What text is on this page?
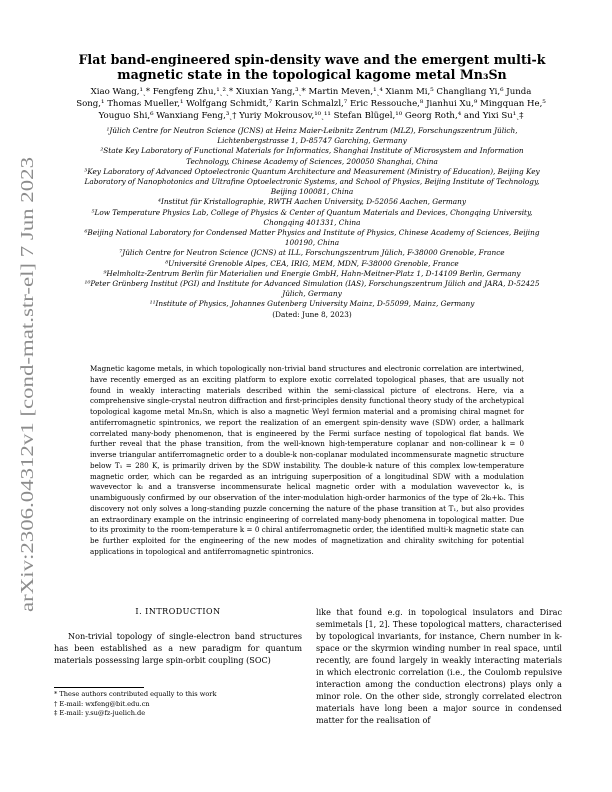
arXiv:2306.04312v1 [cond-mat.str-el] 7 Jun 2023
Flat band-engineered spin-density wave and the emergent multi-k magnetic state in the topological kagome metal Mn₃Sn
Xiao Wang,¹ˎ* Fengfeng Zhu,¹ˎ²ˎ* Xiuxian Yang,³ˎ* Martin Meven,¹ˎ⁴ Xianm Mi,⁵ Changliang Yi,⁶ Junda Song,¹ Thomas Mueller,¹ Wolfgang Schmidt,⁷ Karin Schmalzl,⁷ Eric Ressouche,⁸ Jianhui Xu,⁹ Mingquan He,⁵ Youguo Shi,⁶ Wanxiang Feng,³ˎ† Yuriy Mokrousov,¹⁰ˎ¹¹ Stefan Blügel,¹⁰ Georg Roth,⁴ and Yixi Su¹ˎ‡
¹Jülich Centre for Neutron Science (JCNS) at Heinz Maier-Leibnitz Zentrum (MLZ), Forschungszentrum Jülich, Lichtenbergstrasse 1, D-85747 Garching, Germany
²State Key Laboratory of Functional Materials for Informatics, Shanghai Institute of Microsystem and Information Technology, Chinese Academy of Sciences, 200050 Shanghai, China
³Key Laboratory of Advanced Optoelectronic Quantum Architecture and Measurement (Ministry of Education), Beijing Key Laboratory of Nanophotonics and Ultrafine Optoelectronic Systems, and School of Physics, Beijing Institute of Technology, Beijing 100081, China
⁴Institut für Kristallographie, RWTH Aachen University, D-52056 Aachen, Germany
⁵Low Temperature Physics Lab, College of Physics & Center of Quantum Materials and Devices, Chongqing University, Chongqing 401331, China
⁶Beijing National Laboratory for Condensed Matter Physics and Institute of Physics, Chinese Academy of Sciences, Beijing 100190, China
⁷Jülich Centre for Neutron Science (JCNS) at ILL, Forschungszentrum Jülich, F-38000 Grenoble, France
⁸Université Grenoble Alpes, CEA, IRIG, MEM, MDN, F-38000 Grenoble, France
⁹Helmholtz-Zentrum Berlin für Materialien und Energie GmbH, Hahn-Meitner-Platz 1, D-14109 Berlin, Germany
¹⁰Peter Grünberg Institut (PGI) and Institute for Advanced Simulation (IAS), Forschungszentrum Jülich and JARA, D-52425 Jülich, Germany
¹¹Institute of Physics, Johannes Gutenberg University Mainz, D-55099, Mainz, Germany
(Dated: June 8, 2023)
Magnetic kagome metals, in which topologically non-trivial band structures and electronic correlation are intertwined, have recently emerged as an exciting platform to explore exotic correlated topological phases, that are usually not found in weakly interacting materials described within the semi-classical picture of electrons. Here, via a comprehensive single-crystal neutron diffraction and first-principles density functional theory study of the archetypical topological kagome metal Mn₃Sn, which is also a magnetic Weyl fermion material and a promising chiral magnet for antiferromagnetic spintronics, we report the realization of an emergent spin-density wave (SDW) order, a hallmark correlated many-body phenomenon, that is engineered by the Fermi surface nesting of topological flat bands. We further reveal that the phase transition, from the well-known high-temperature coplanar and non-collinear k = 0 inverse triangular antiferromagnetic order to a double-k non-coplanar modulated incommensurate magnetic structure below T₁ = 280 K, is primarily driven by the SDW instability. The double-k nature of this complex low-temperature magnetic order, which can be regarded as an intriguing superposition of a longitudinal SDW with a modulation wavevector kₗ and a transverse incommensurate helical magnetic order with a modulation wavevector kₜ, is unambiguously confirmed by our observation of the inter-modulation high-order harmonics of the type of 2kₗ+kₜ. This discovery not only solves a long-standing puzzle concerning the nature of the phase transition at T₁, but also provides an extraordinary example on the intrinsic engineering of correlated many-body phenomena in topological matter. Due to its proximity to the room-temperature k = 0 chiral antiferromagnetic order, the identified multi-k magnetic state can be further exploited for the engineering of the new modes of magnetization and chirality switching for potential applications in topological and antiferromagnetic spintronics.
I. INTRODUCTION

Non-trivial topology of single-electron band structures has been established as a new paradigm for quantum materials possessing large spin-orbit coupling (SOC)

like that found e.g. in topological insulators and Dirac semimetals [1, 2]. These topological matters, characterised by topological invariants, for instance, Chern number in k-space or the skyrmion winding number in real space, until recently, are found largely in weakly interacting materials in which electronic correlation (i.e., the Coulomb repulsive interaction among the conduction electrons) plays only a minor role. On the other side, strongly correlated electron materials have long been a major source in condensed matter for the realisation of

* These authors contributed equally to this work
† E-mail: wxfeng@bit.edu.cn
‡ E-mail: y.su@fz-juelich.de
